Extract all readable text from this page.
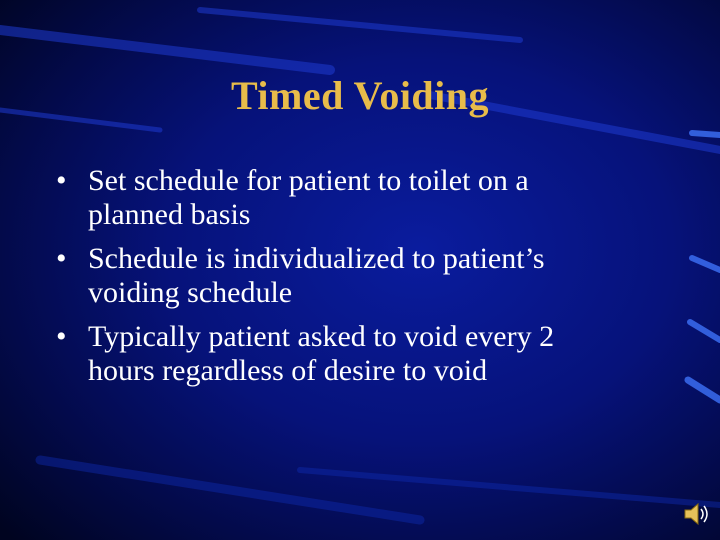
Timed Voiding
• Set schedule for patient to toilet on a planned basis
• Schedule is individualized to patient’s voiding schedule
• Typically patient asked to void every 2 hours regardless of desire to void
